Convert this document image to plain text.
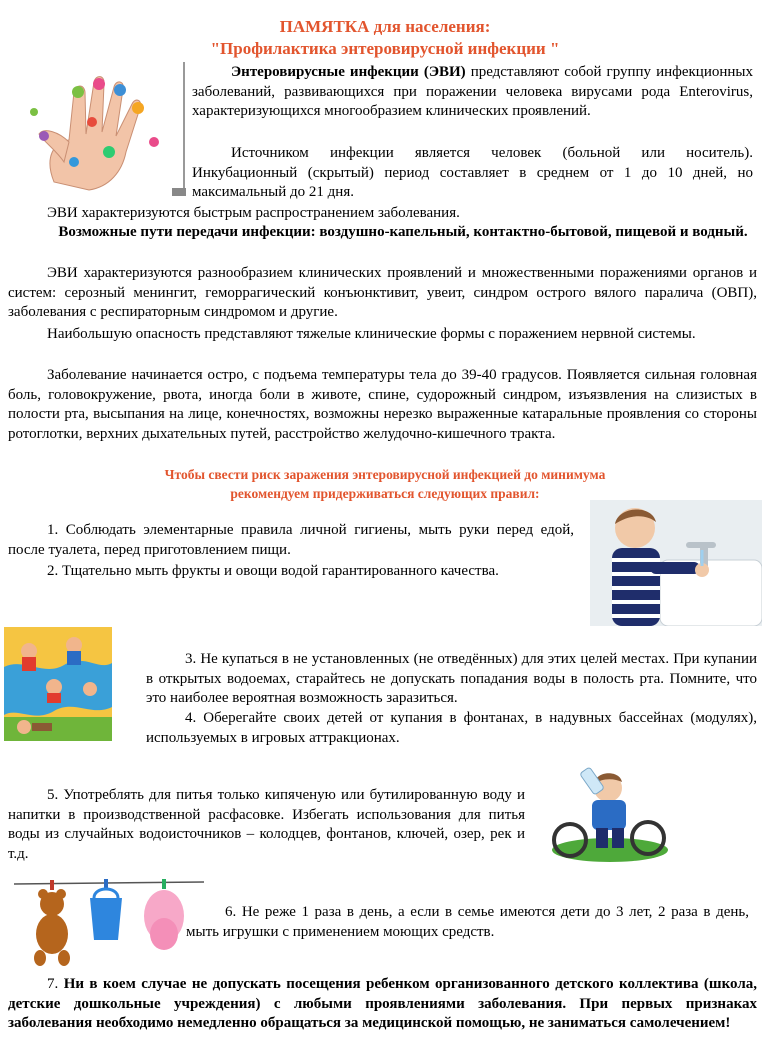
ПАМЯТКА для населения:
"Профилактика энтеровирусной инфекции "
Энтеровирусные инфекции (ЭВИ) представляют собой группу инфекционных заболеваний, развивающихся при поражении человека вирусами рода Enterovirus, характеризующихся многообразием клинических проявлений.
Источником инфекции является человек (больной или носитель). Инкубационный (скрытый) период составляет в среднем от 1 до 10 дней, но максимальный до 21 дня.
ЭВИ характеризуются быстрым распространением заболевания.
Возможные пути передачи инфекции: воздушно-капельный, контактно-бытовой, пищевой и водный.
ЭВИ характеризуются разнообразием клинических проявлений и множественными поражениями органов и систем: серозный менингит, геморрагический конъюнктивит, увеит, синдром острого вялого паралича (ОВП), заболевания с респираторным синдромом и другие.
Наибольшую опасность представляют тяжелые клинические формы с поражением нервной системы.
Заболевание начинается остро, с подъема температуры тела до 39-40 градусов. Появляется сильная головная боль, головокружение, рвота, иногда боли в животе, спине, судорожный синдром, изъязвления на слизистых в полости рта, высыпания на лице, конечностях, возможны нерезко выраженные катаральные проявления со стороны ротоглотки, верхних дыхательных путей, расстройство желудочно-кишечного тракта.
Чтобы свести риск заражения энтеровирусной инфекцией до минимума
рекомендуем придерживаться следующих правил:
1. Соблюдать элементарные правила личной гигиены, мыть руки перед едой, после туалета, перед приготовлением пищи.
2. Тщательно мыть фрукты и овощи водой гарантированного качества.
3. Не купаться в не установленных (не отведённых) для этих целей местах. При купании в открытых водоемах, старайтесь не допускать попадания воды в полость рта. Помните, что это наиболее вероятная возможность заразиться.
4. Оберегайте своих детей от купания в фонтанах, в надувных бассейнах (модулях), используемых в игровых аттракционах.
5. Употреблять для питья только кипяченую или бутилированную воду и напитки в производственной расфасовке. Избегать использования для питья воды из случайных водоисточников – колодцев, фонтанов, ключей, озер, рек и т.д.
6. Не реже 1 раза в день, а если в семье имеются дети до 3 лет, 2 раза в день, мыть игрушки с применением моющих средств.
7. Ни в коем случае не допускать посещения ребенком организованного детского коллектива (школа, детские дошкольные учреждения) с любыми проявлениями заболевания. При первых признаках заболевания необходимо немедленно обращаться за медицинской помощью, не заниматься самолечением!
